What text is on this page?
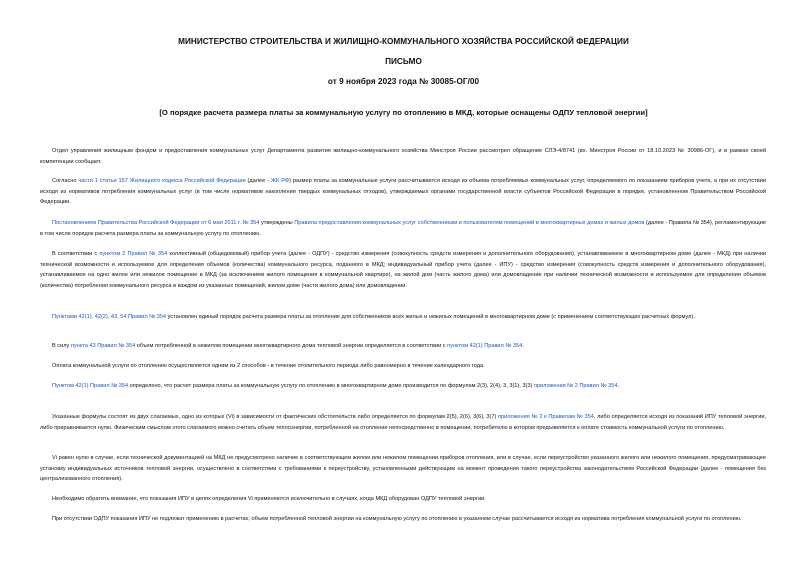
МИНИСТЕРСТВО СТРОИТЕЛЬСТВА И ЖИЛИЩНО-КОММУНАЛЬНОГО ХОЗЯЙСТВА РОССИЙСКОЙ ФЕДЕРАЦИИ
ПИСЬМО
от 9 ноября 2023 года № 30085-ОГ/00
[О порядке расчета размера платы за коммунальную услугу по отоплению в МКД, которые оснащены ОДПУ тепловой энергии]

Отдел управления жилищным фондом и предоставления коммунальных услуг Департамента развития жилищно-коммунального хозяйства Минстроя России рассмотрел обращение СЛЭ-4/8741 (вх. Минстроя России от 18.10.2023 № 30986-ОГ), и в рамках своей компетенции сообщает.

Согласно части 1 статьи 157 Жилищного кодекса Российской Федерации (далее - ЖК РФ) размер платы за коммунальные услуги рассчитывается исходя из объема потребляемых коммунальных услуг, определяемого по показаниям приборов учета, а при их отсутствии исходя из нормативов потребления коммунальных услуг (в том числе нормативов накопления твердых коммунальных отходов), утверждаемых органами государственной власти субъектов Российской Федерации в порядке, установленном Правительством Российской Федерации.

Постановлением Правительства Российской Федерации от 6 мая 2011 г. № 354 утверждены Правила предоставления коммунальных услуг собственникам и пользователям помещений в многоквартирных домах и жилых домов (далее - Правила № 354), регламентирующие в том числе порядок расчета размера платы за коммунальную услугу по отоплению.

В соответствии с пунктом 2 Правил № 354 коллективный (общедомовый) прибор учета (далее - ОДПУ) - средство измерения (совокупность средств измерения и дополнительного оборудования), устанавливаемое в многоквартирном доме (далее - МКД) при наличии технической возможности и используемое для определения объемов (количества) коммунального ресурса, поданного в МКД; индивидуальный прибор учета (далее - ИПУ) - средство измерения (совокупность средств измерения и дополнительного оборудования), устанавливаемое на одно жилое или нежилое помещение в МКД (за исключением жилого помещения в коммунальной квартире), на жилой дом (часть жилого дома) или домовладение при наличии технической возможности и используемое для определения объемов (количества) потребления коммунального ресурса в каждом из указанных помещений, жилом доме (части жилого дома) или домовладении.

Пунктами 42(1), 42(2), 43, 54 Правил № 354 установлен единый порядок расчета размера платы за отопление для собственников всех жилых и нежилых помещений в многоквартирном доме (с применением соответствующих расчетных формул).

В силу пункта 43 Правил № 354 объем потребленной в нежилом помещении многоквартирного дома тепловой энергии определяется в соответствии с пунктом 42(1) Правил № 354.

Оплата коммунальной услуги по отоплению осуществляется одним из 2 способов - в течение отопительного периода либо равномерно в течение календарного года.

Пунктом 42(1) Правил № 354 определено, что расчет размера платы за коммунальную услугу по отоплению в многоквартирном доме производится по формулам 2(3), 2(4), 3, 3(1), 3(3) приложения № 2 Правил № 354.

Указанные формулы состоят из двух слагаемых, одно из которых (Vi) в зависимости от фактических обстоятельств либо определяется по формулам 2(5), 2(6), 3(6), 3(7) приложения № 2 к Правилам № 354, либо определяется исходя из показаний ИПУ тепловой энергии, либо приравнивается нулю. Физическим смыслом этого слагаемого можно считать объем теплоэнергии, потребленной на отопление непосредственно в помещении, потребителю в котором предъявляется к оплате стоимость коммунальной услуги по отоплению.

Vi равен нулю в случае, если технической документацией на МКД не предусмотрено наличие в соответствующем жилом или нежилом помещении приборов отопления, или в случае, если переустройство указанного жилого или нежилого помещения, предусматривающее установку индивидуальных источников тепловой энергии, осуществлено в соответствии с требованиями к переустройству, установленными действующим на момент проведения такого переустройства законодательством Российской Федерации (далее - помещения без централизованного отопления).

Необходимо обратить внимание, что показания ИПУ в целях определения Vi применяются исключительно в случаях, когда МКД оборудован ОДПУ тепловой энергии.

При отсутствии ОДПУ показания ИПУ не подлежат применению в расчетах, объем потребленной тепловой энергии на коммунальную услугу по отоплению в указанном случае рассчитывается исходя из норматива потребления коммунальной услуги по отоплению.
